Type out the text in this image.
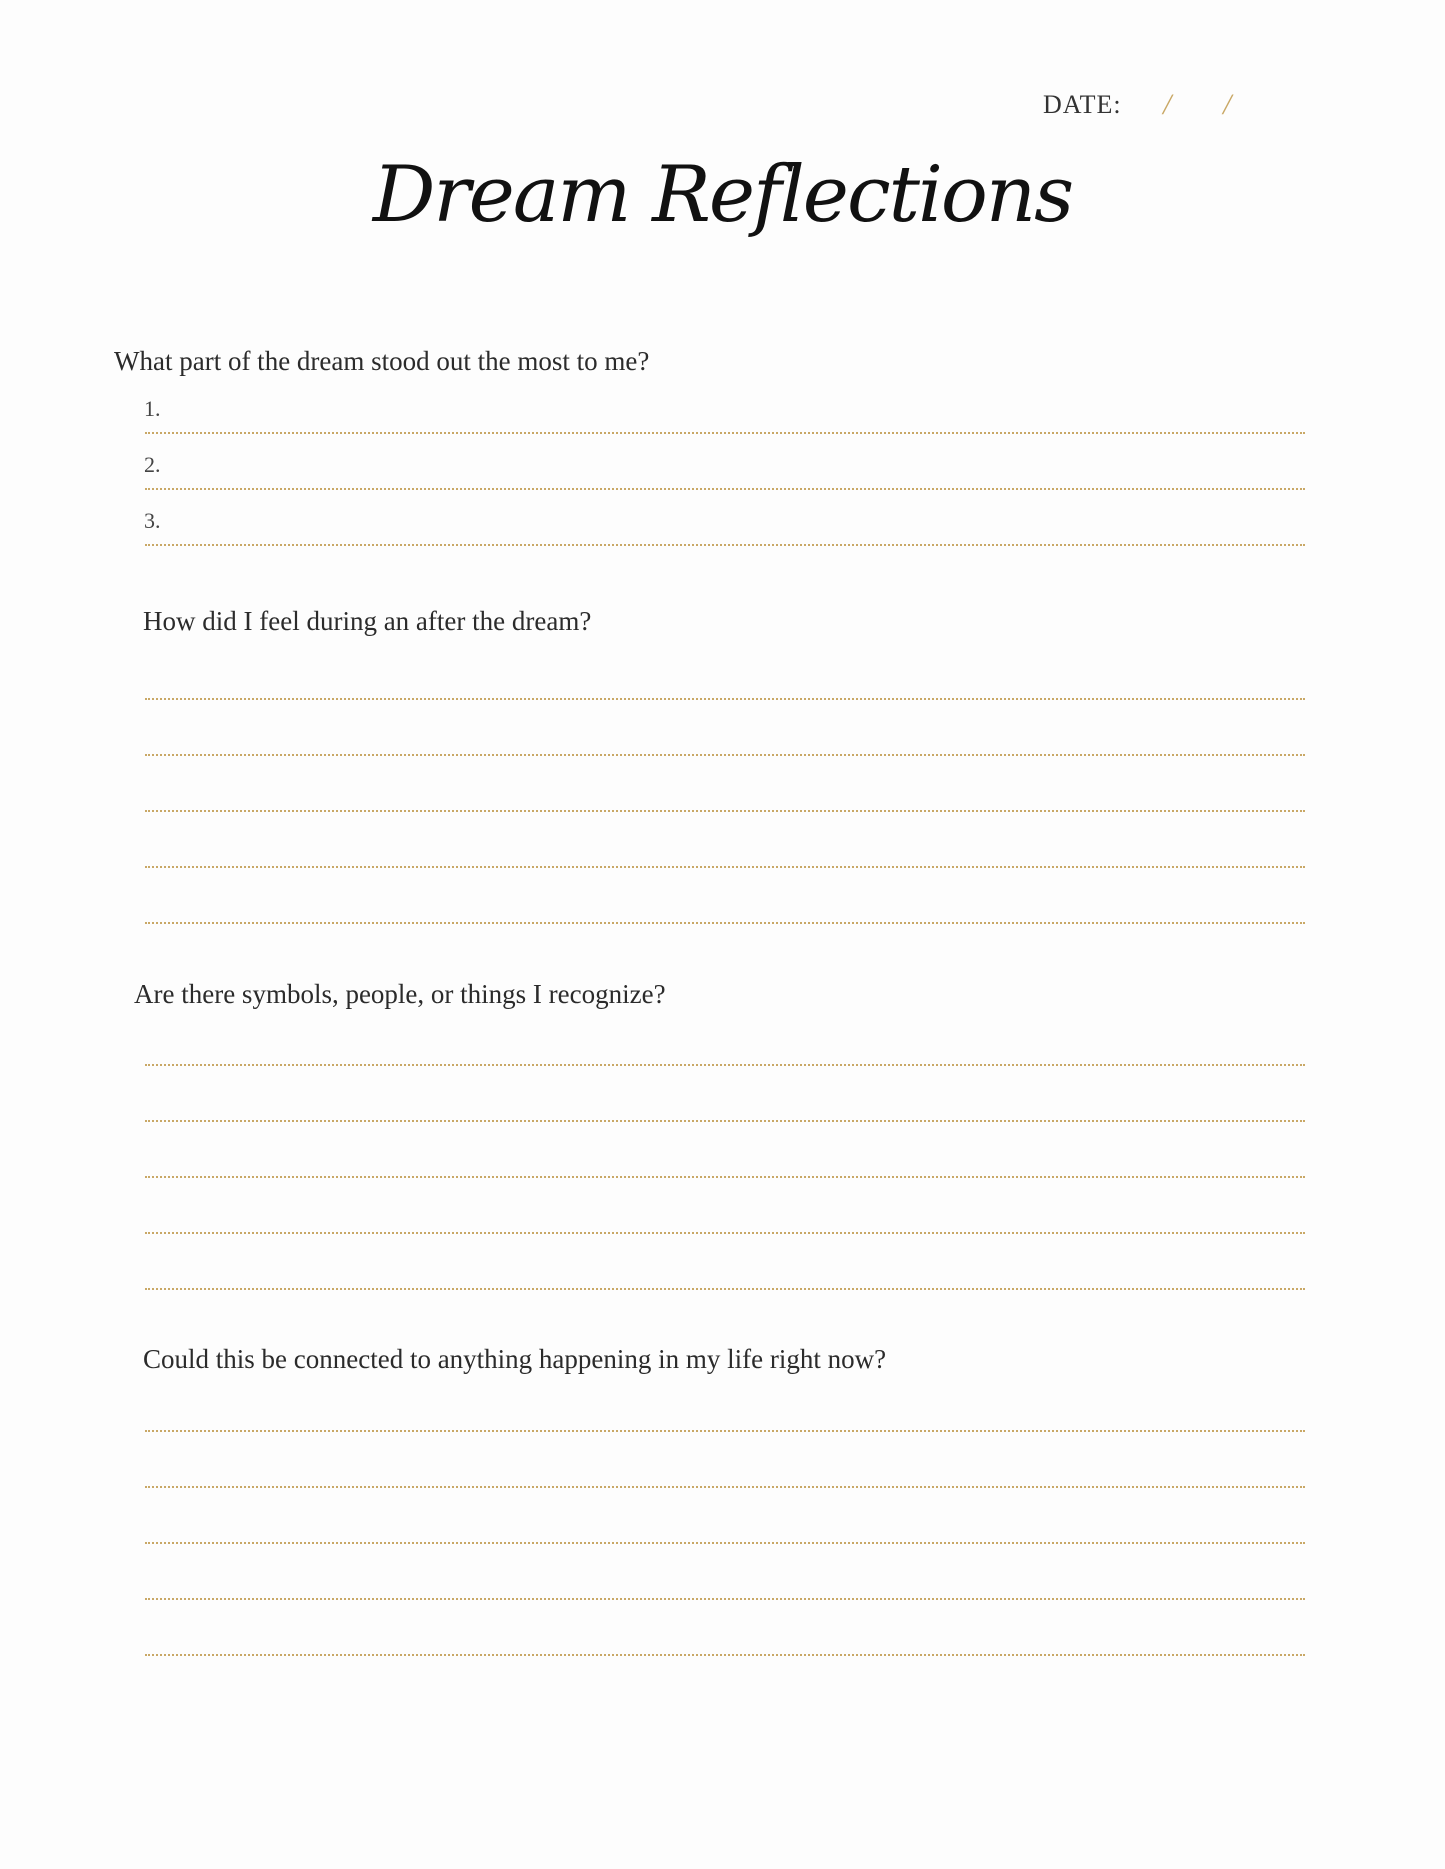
DATE: / /
Dream Reflections
What part of the dream stood out the most to me?
1.
2.
3.
How did I feel during an after the dream?
Are there symbols, people, or things I recognize?
Could this be connected to anything happening in my life right now?
